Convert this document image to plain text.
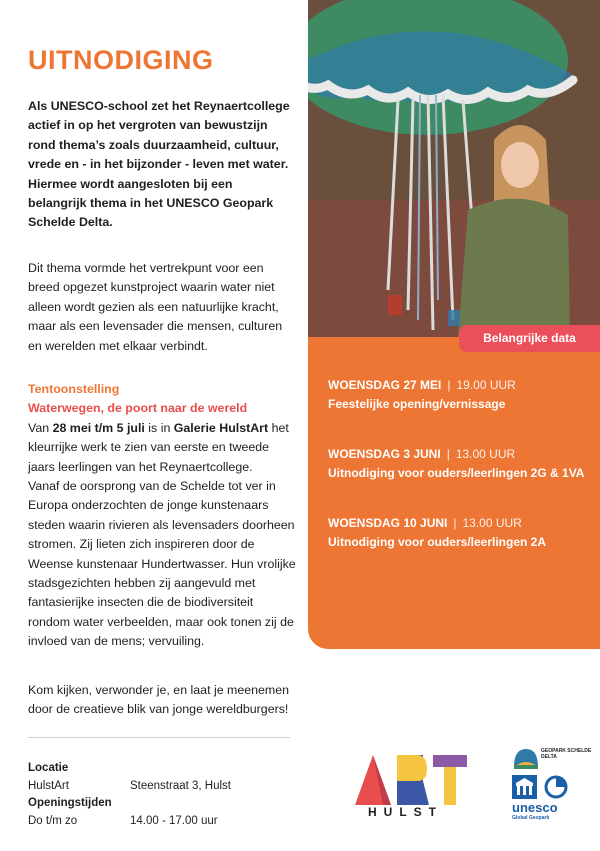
UITNODIGING

Als UNESCO-school zet het Reynaertcollege actief in op het vergroten van bewustzijn rond thema’s zoals duurzaamheid, cultuur, vrede en - in het bijzonder - leven met water. Hiermee wordt aangesloten bij een belangrijk thema in het UNESCO Geopark Schelde Delta.

Dit thema vormde het vertrekpunt voor een breed opgezet kunstproject waarin water niet alleen wordt gezien als een natuurlijke kracht, maar als een levensader die mensen, culturen en werelden met elkaar verbindt.

Tentoonstelling
Waterwegen, de poort naar de wereld

Van 28 mei t/m 5 juli is in Galerie HulstArt het kleurrijke werk te zien van eerste en tweede jaars leerlingen van het Reynaertcollege.

Vanaf de oorsprong van de Schelde tot ver in Europa onderzochten de jonge kunstenaars steden waarin rivieren als levensaders doorheen stromen. Zij lieten zich inspireren door de Weense kunstenaar Hundertwasser. Hun vrolijke stadsgezichten hebben zij aangevuld met fantasierijke insecten die de biodiversiteit rondom water verbeelden, maar ook tonen zij de invloed van de mens; vervuiling.

Kom kijken, verwonder je, en laat je meenemen door de creatieve blik van jonge wereldburgers!

Locatie
HulstArt	Steenstraat 3, Hulst
Openingstijden
Do t/m zo	14.00 - 17.00 uur
Belangrijke data
WOENSDAG 27 MEI | 19.00 UUR
Feestelijke opening/vernissage
WOENSDAG 3 JUNI | 13.00 UUR
Uitnodiging voor ouders/leerlingen 2G & 1VA
WOENSDAG 10 JUNI | 13.00 UUR
Uitnodiging voor ouders/leerlingen 2A
HULST
GEOPARK SCHELDE DELTA
unesco
Global Geopark
